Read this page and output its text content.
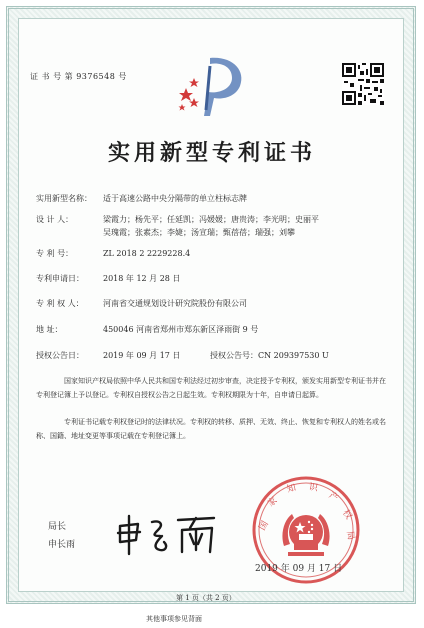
证 书 号 第 9376548 号
实用新型专利证书
实用新型名称： 适于高速公路中央分隔带的单立柱标志牌
设 计 人：	梁霞力；杨先平；任延凯；冯媛媛；唐贵涛；李光明；史丽平
吴瑰霞；张素杰；李婕；汤宣瑞；甄蓓蓓；瑞强；刘攀
专 利 号：	ZL 2018 2 2229228.4
专利申请日： 2018 年 12 月 28 日
专 利 权 人： 河南省交通规划设计研究院股份有限公司
地 址：	450046 河南省郑州市郑东新区泽雨街 9 号
授权公告日： 2019 年 09 月 17 日	授权公告号：CN 209397530 U
国家知识产权局依照中华人民共和国专利法经过初步审查，决定授予专利权，颁发实用新型专利证书并在专利登记簿上予以登记。专利权自授权公告之日起生效。专利权期限为十年，自申请日起算。
专利证书记载专利权登记时的法律状况。专利权的转移、质押、无效、终止、恢复和专利权人的姓名或名称、国籍、地址变更等事项记载在专利登记簿上。
局长
申长雨
国
家
知 识
产
权
局
2019 年 09 月 17 日
第 1 页（共 2 页）
其他事项参见背面
